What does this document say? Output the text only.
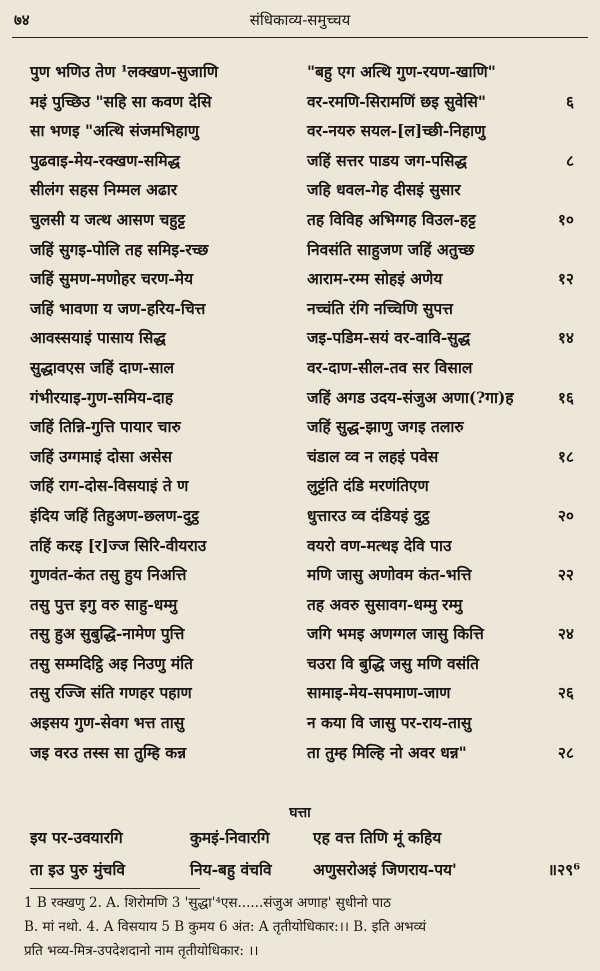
७४	संधिकाव्य-समुच्चय
पुण भणिउ तेण ¹लक्खण-सुजाणि	"बहु एग अत्थि गुण-रयण-खाणि"
मइं पुच्छिउ "सहि सा कवण देसि	वर-रमणि-सिरामणिं छइ सुवेसि"	६
सा भणइ "अत्थि संजमभिहाणु	वर-नयरु सयल-[ल]च्छी-निहाणु
पुढवाइ-मेय-रक्खण-समिद्ध	जहिं सत्तर पाडय जग-पसिद्ध	८
सीलंग सहस निम्मल अढार	जहि धवल-गेह दीसइं सुसार
चुलसी य जत्थ आसण चहुट्ट	तह विविह अभिग्गह विउल-हट्ट	१०
जहिं सुगइ-पोलि तह समिइ-रच्छ	निवसंति साहुजण जहिं अतुच्छ
जहिं सुमण-मणोहर चरण-मेय	आराम-रम्म सोहइं अणेय	१२
जहिं भावणा य जण-हरिय-चित्त	नच्चंति रंगि नच्चिणि सुपत्त
आवस्सयाइं पासाय सिद्ध	जइ-पडिम-सयं वर-वावि-सुद्ध	१४
सुद्धावएस जहिं दाण-साल	वर-दाण-सील-तव सर विसाल
गंभीरयाइ-गुण-समिय-दाह	जहिं अगड उदय-संजुअ अणा(?गा)ह	१६
जहिं तिन्नि-गुत्ति पायार चारु	जहिं सुद्ध-झाणु जगइ तलारु
जहिं उग्गमाइं दोसा असेस	चंडाल व्व न लहइं पवेस	१८
जहिं राग-दोस-विसयाइं ते ण	लुट्टंति दंडि मरणंतिएण
इंदिय जहिं तिहुअण-छलण-दुट्ठ	धुत्तारउ व्व दंडियइं दुट्ठ	२०
तहिं करइ [र]ज्ज सिरि-वीयराउ	वयरो वण-मत्थइ देवि पाउ
गुणवंत-कंत तसु हुय निअत्ति	मणि जासु अणोवम कंत-भत्ति	२२
तसु पुत्त इगु वरु साहु-धम्मु	तह अवरु सुसावग-धम्मु रम्मु
तसु हुअ सुबुद्धि-नामेण पुत्ति	जगि भमइ अणग्गल जासु कित्ति	२४
तसु सम्मदिट्ठि अइ निउणु मंति	चउरा वि बुद्धि जसु मणि वसंति
तसु रज्जि संति गणहर पहाण	सामाइ-मेय-सपमाण-जाण	२६
अइसय गुण-सेवग भत्त तासु	न कया वि जासु पर-राय-तासु
जइ वरउ तस्स सा तुम्हि कन्न	ता तुम्ह मिल्हि नो अवर धन्न"	२८
घत्ता
इय पर-उवयारगि	कुमइं-निवारगि	एह वत्त तिणि मूं कहिय
ता इउ पुरु मुंचवि	निय-बहु वंचवि	अणुसरोअइं जिणराय-पय'	॥२९⁶
1 B रक्खणु 2. A. शिरोमणि 3 'सुद्धा'⁴एस......संजुअ अणाह' सुधीनो पाठ
B. मां नथो. 4. A विसयाय 5 B कुमय 6 अंत: A तृतीयोधिकार:।। B. इति अभव्यं
प्रति भव्य-मित्र-उपदेशदानो नाम तृतीयोधिकार: ।।
